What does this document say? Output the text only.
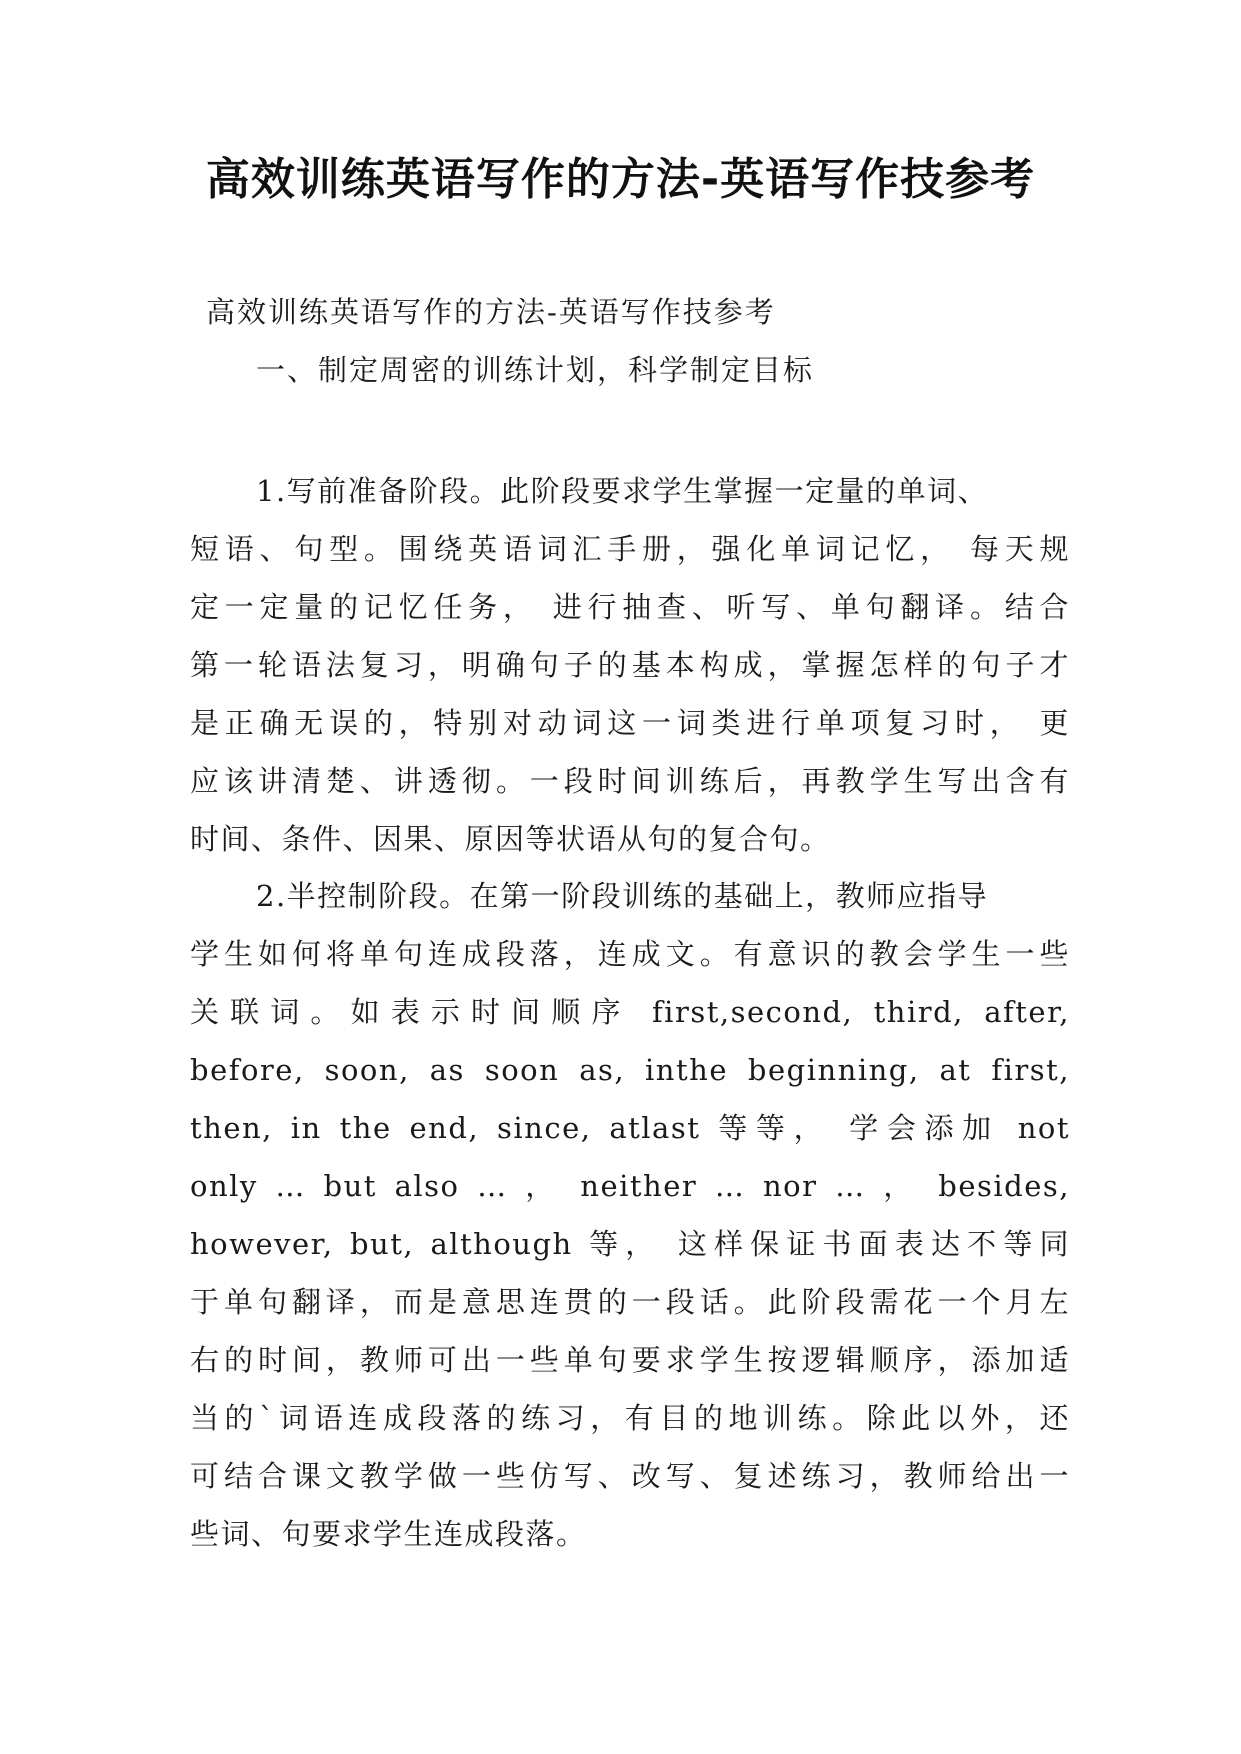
高效训练英语写作的方法-英语写作技参考
高效训练英语写作的方法-英语写作技参考
一、制定周密的训练计划，科学制定目标
1.写前准备阶段。此阶段要求学生掌握一定量的单词、
短语、句型。围绕英语词汇手册，强化单词记忆， 每天规
定一定量的记忆任务， 进行抽查、听写、单句翻译。结合
第一轮语法复习，明确句子的基本构成，掌握怎样的句子才
是正确无误的，特别对动词这一词类进行单项复习时， 更
应该讲清楚、讲透彻。一段时间训练后，再教学生写出含有
时间、条件、因果、原因等状语从句的复合句。
2.半控制阶段。在第一阶段训练的基础上，教师应指导
学生如何将单句连成段落，连成文。有意识的教会学生一些
关联词。如表示时间顺序 first,second, third, after,
before, soon, as soon as, inthe beginning, at first,
then, in the end, since, atlast 等等， 学会添加 not
only … but also … ， neither … nor … ， besides,
however, but, although 等， 这样保证书面表达不等同
于单句翻译，而是意思连贯的一段话。此阶段需花一个月左
右的时间，教师可出一些单句要求学生按逻辑顺序，添加适
当的`词语连成段落的练习，有目的地训练。除此以外，还
可结合课文教学做一些仿写、改写、复述练习，教师给出一
些词、句要求学生连成段落。
